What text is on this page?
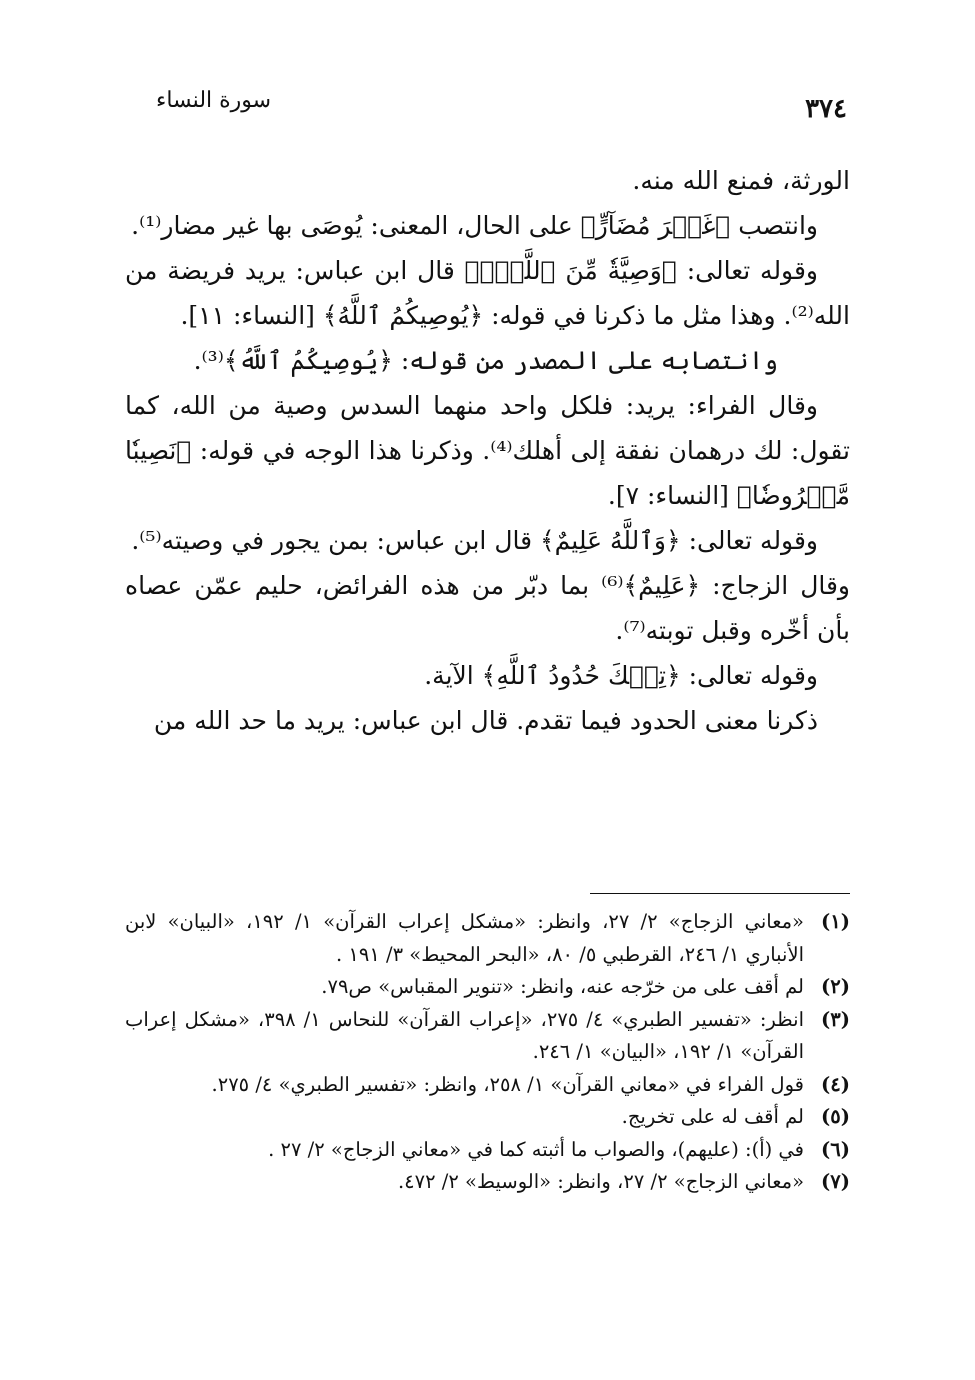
٣٧٤

سورة النساء

الورثة، فمنع الله منه.

وانتصب ﴿غَيۡرَ مُضَآرٍّ﴾ على الحال، المعنى: يُوصَى بها غير مضار⁽¹⁾.

وقوله تعالى: ﴿وَصِيَّةٗ مِّنَ ٱللَّهِۗ﴾ قال ابن عباس: يريد فريضة من الله⁽²⁾. وهذا مثل ما ذكرنا في قوله: ﴿يُوصِيكُمُ ٱللَّهُ﴾ [النساء: ١١].

وانتصابه على المصدر من قوله: ﴿يُوصِيكُمُ ٱللَّهُ﴾⁽³⁾.

وقال الفراء: يريد: فلكل واحد منهما السدس وصية من الله، كما تقول: لك درهمان نفقة إلى أهلك⁽⁴⁾. وذكرنا هذا الوجه في قوله: ﴿نَصِيبٗا مَّفۡرُوضٗا﴾ [النساء: ٧].

وقوله تعالى: ﴿وَٱللَّهُ عَلِيمٌ﴾ قال ابن عباس: بمن يجور في وصيته⁽⁵⁾.

وقال الزجاج: ﴿عَلِيمٌ﴾⁽⁶⁾ بما دبّر من هذه الفرائض، حليم عمّن عصاه بأن أخّره وقبل توبته⁽⁷⁾.

وقوله تعالى: ﴿تِلۡكَ حُدُودُ ٱللَّهِ﴾ الآية.

ذكرنا معنى الحدود فيما تقدم. قال ابن عباس: يريد ما حد الله من

(١)
«معاني الزجاج» ٢/ ٢٧، وانظر: «مشكل إعراب القرآن» ١/ ١٩٢، «البيان» لابن الأنباري ١/ ٢٤٦، القرطبي ٥/ ٨٠، «البحر المحيط» ٣/ ١٩١ .
(٢)
لم أقف على من خرّجه عنه، وانظر: «تنوير المقباس» ص٧٩.
(٣)
انظر: «تفسير الطبري» ٤/ ٢٧٥، «إعراب القرآن» للنحاس ١/ ٣٩٨، «مشكل إعراب القرآن» ١/ ١٩٢، «البيان» ١/ ٢٤٦.
(٤)
قول الفراء في «معاني القرآن» ١/ ٢٥٨، وانظر: «تفسير الطبري» ٤/ ٢٧٥.
(٥)
لم أقف له على تخريج.
(٦)
في (أ): (عليهم)، والصواب ما أثبته كما في «معاني الزجاج» ٢/ ٢٧ .
(٧)
«معاني الزجاج» ٢/ ٢٧، وانظر: «الوسيط» ٢/ ٤٧٢.
